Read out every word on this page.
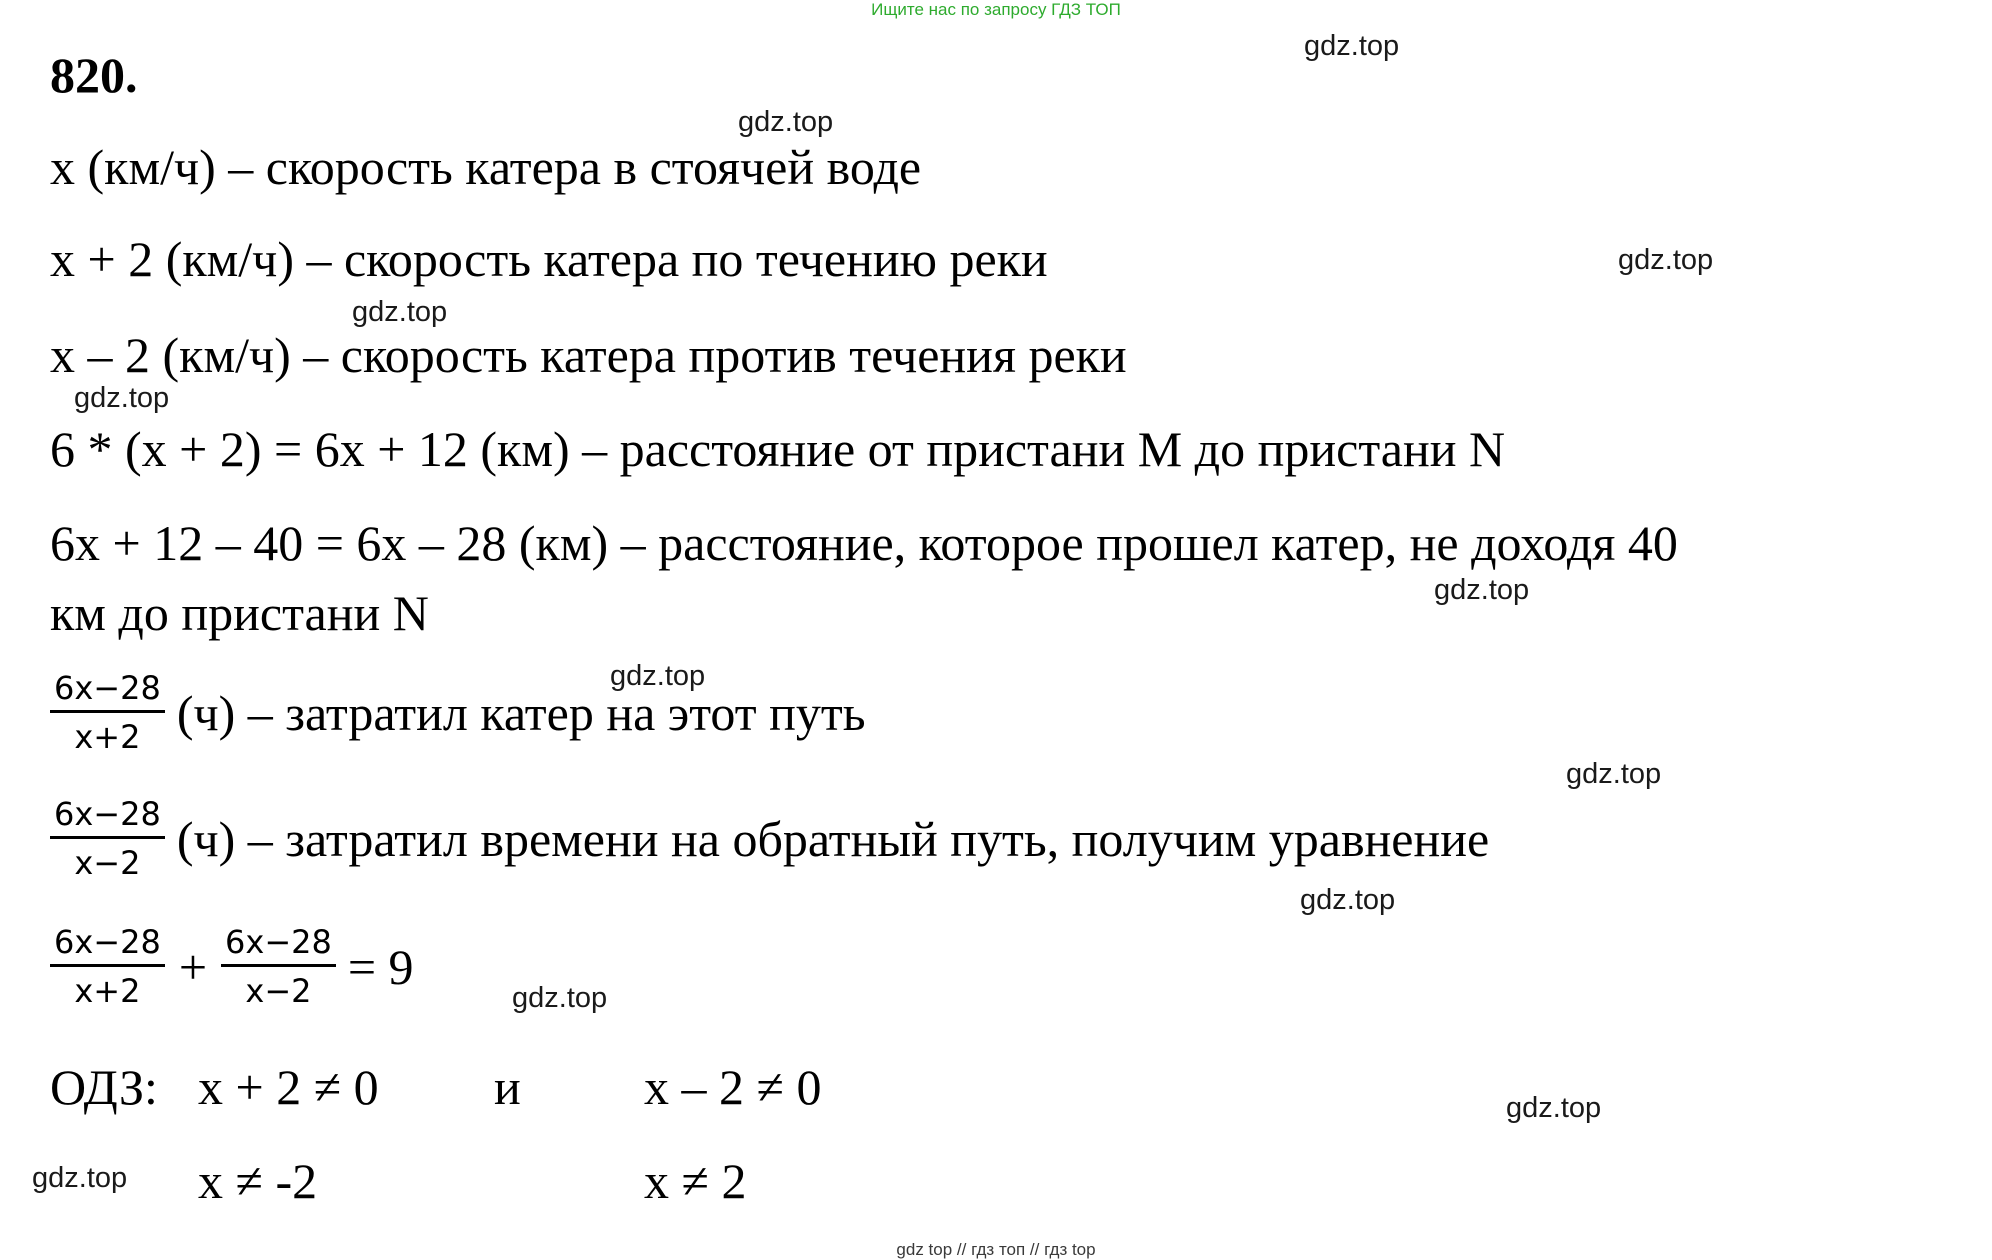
Ищите нас по запросу ГДЗ ТОП
820.
x (км/ч) – скорость катера в стоячей воде
x + 2 (км/ч) – скорость катера по течению реки
x – 2 (км/ч) – скорость катера против течения реки
6 * (x + 2) = 6x + 12 (км) – расстояние от пристани M до пристани N
6x + 12 – 40 = 6x – 28 (км) – расстояние, которое прошел катер, не доходя 40
км до пристани N
$\frac{6x-28}{x+2} (ч)$ – затратил катер на этот путь
$\frac{6x-28}{x-2} (ч)$ – затратил времени на обратный путь, получим уравнение
$\frac{6x-28}{x+2} + \frac{6x-28}{x-2} = 9$
ОДЗ: x + 2 ≠ 0 и x – 2 ≠ 0
x ≠ -2	x ≠ 2
gdz.top
gdz.top
gdz.top
gdz.top
gdz.top
gdz.top
gdz.top
gdz.top
gdz.top
gdz.top
gdz.top
gdz.top
gdz top // гдз топ // гдз top
